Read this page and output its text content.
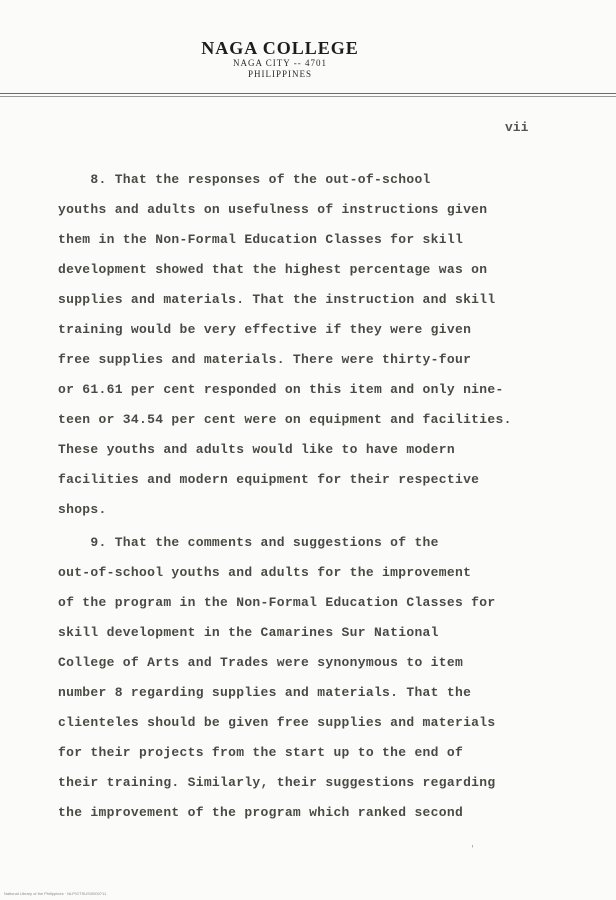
NAGA COLLEGE
NAGA CITY -- 4701
PHILIPPINES
vii
8. That the responses of the out-of-school
youths and adults on usefulness of instructions given
them in the Non-Formal Education Classes for skill
development showed that the highest percentage was on
supplies and materials. That the instruction and skill
training would be very effective if they were given
free supplies and materials. There were thirty-four
or 61.61 per cent responded on this item and only nine-
teen or 34.54 per cent were on equipment and facilities.
These youths and adults would like to have modern
facilities and modern equipment for their respective
shops.
9. That the comments and suggestions of the
out-of-school youths and adults for the improvement
of the program in the Non-Formal Education Classes for
skill development in the Camarines Sur National
College of Arts and Trades were synonymous to item
number 8 regarding supplies and materials. That the
clienteles should be given free supplies and materials
for their projects from the start up to the end of
their training. Similarly, their suggestions regarding
the improvement of the program which ranked second
'
National Library of the Philippines · NLP/GTSUS/0000711
